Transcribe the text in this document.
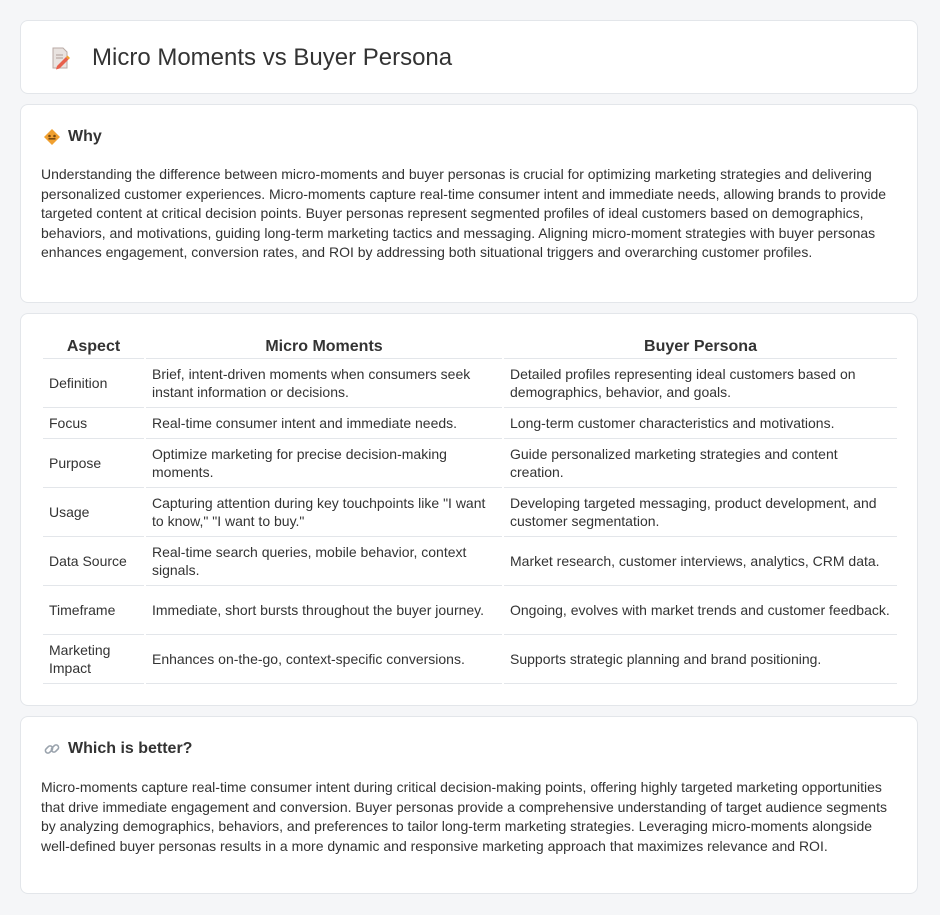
Micro Moments vs Buyer Persona
Why

Understanding the difference between micro-moments and buyer personas is crucial for optimizing marketing strategies and delivering personalized customer experiences. Micro-moments capture real-time consumer intent and immediate needs, allowing brands to provide targeted content at critical decision points. Buyer personas represent segmented profiles of ideal customers based on demographics, behaviors, and motivations, guiding long-term marketing tactics and messaging. Aligning micro-moment strategies with buyer personas enhances engagement, conversion rates, and ROI by addressing both situational triggers and overarching customer profiles.

Aspect	Micro Moments	Buyer Persona
Definition	Brief, intent-driven moments when consumers seek instant information or decisions.	Detailed profiles representing ideal customers based on demographics, behavior, and goals.
Focus	Real-time consumer intent and immediate needs.	Long-term customer characteristics and motivations.
Purpose	Optimize marketing for precise decision-making moments.	Guide personalized marketing strategies and content creation.
Usage	Capturing attention during key touchpoints like "I want to know," "I want to buy."	Developing targeted messaging, product development, and customer segmentation.
Data Source	Real-time search queries, mobile behavior, context signals.	Market research, customer interviews, analytics, CRM data.
Timeframe	Immediate, short bursts throughout the buyer journey.	Ongoing, evolves with market trends and customer feedback.
Marketing Impact	Enhances on-the-go, context-specific conversions.	Supports strategic planning and brand positioning.
Which is better?

Micro-moments capture real-time consumer intent during critical decision-making points, offering highly targeted marketing opportunities that drive immediate engagement and conversion. Buyer personas provide a comprehensive understanding of target audience segments by analyzing demographics, behaviors, and preferences to tailor long-term marketing strategies. Leveraging micro-moments alongside well-defined buyer personas results in a more dynamic and responsive marketing approach that maximizes relevance and ROI.
